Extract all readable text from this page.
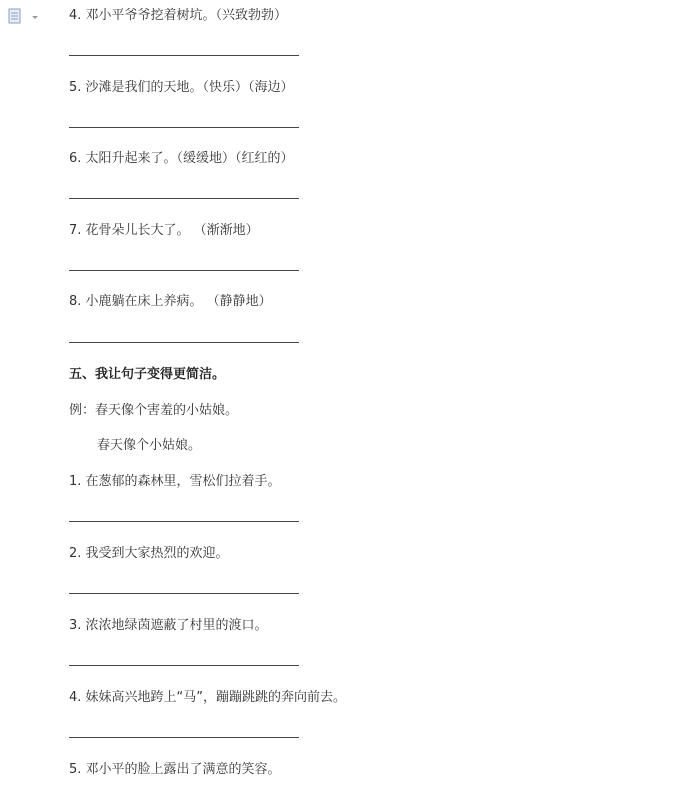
4. 邓小平爷爷挖着树坑。（兴致勃勃）
5. 沙滩是我们的天地。（快乐）（海边）
6. 太阳升起来了。（缓缓地）（红红的）
7. 花骨朵儿长大了。 （渐渐地）
8. 小鹿躺在床上养病。 （静静地）
五、我让句子变得更简洁。
例：春天像个害羞的小姑娘。
春天像个小姑娘。
1. 在葱郁的森林里，雪松们拉着手。
2. 我受到大家热烈的欢迎。
3. 浓浓地绿茵遮蔽了村里的渡口。
4. 妹妹高兴地跨上“马”，蹦蹦跳跳的奔向前去。
5. 邓小平的脸上露出了满意的笑容。
